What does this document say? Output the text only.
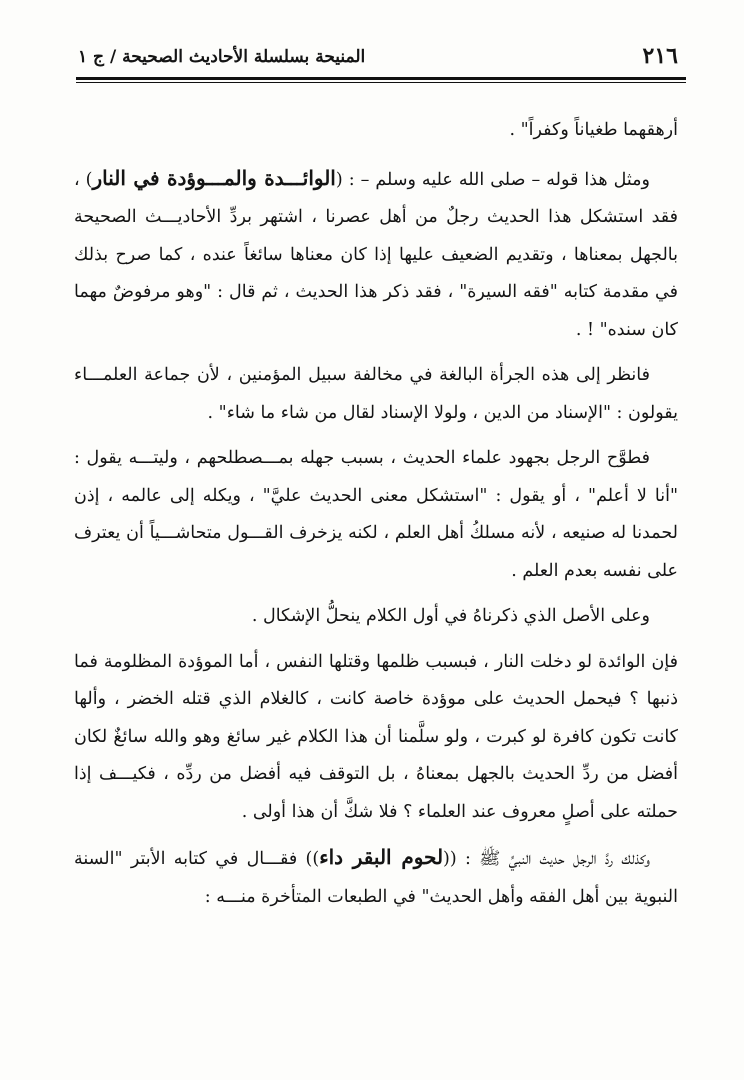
٢١٦
المنيحة بسلسلة الأحاديث الصحيحة / ج ١

أرهقهما طغياناً وكفراً" .

ومثل هذا قوله – صلى الله عليه وسلم – : (الوائـــدة والمـــوؤدة في النار) ، فقد استشكل هذا الحديث رجلٌ من أهل عصرنا ، اشتهر بردِّ الأحاديـــث الصحيحة بالجهل بمعناها ، وتقديم الضعيف عليها إذا كان معناها سائغاً عنده ، كما صرح بذلك في مقدمة كتابه "فقه السيرة" ، فقد ذكر هذا الحديث ، ثم قال : "وهو مرفوضٌ مهما كان سنده" ! .

فانظر إلى هذه الجرأة البالغة في مخالفة سبيل المؤمنين ، لأن جماعة العلمـــاء يقولون : "الإسناد من الدين ، ولولا الإسناد لقال من شاء ما شاء" .

فطوَّح الرجل بجهود علماء الحديث ، بسبب جهله بمـــصطلحهم ، وليتـــه يقول : "أنا لا أعلم" ، أو يقول : "استشكل معنى الحديث عليَّ" ، ويكله إلى عالمه ، إذن لحمدنا له صنيعه ، لأنه مسلكُ أهل العلم ، لكنه يزخرف القـــول متحاشـــياً أن يعترف على نفسه بعدم العلم .

وعلى الأصل الذي ذكرناهُ في أول الكلام ينحلُّ الإشكال .

فإن الوائدة لو دخلت النار ، فبسبب ظلمها وقتلها النفس ، أما الموؤدة المظلومة فما ذنبها ؟ فيحمل الحديث على موؤدة خاصة كانت ، كالغلام الذي قتله الخضر ، وألها كانت تكون كافرة لو كبرت ، ولو سلَّمنا أن هذا الكلام غير سائغ وهو والله سائغٌ لكان أفضل من ردِّ الحديث بالجهل بمعناهُ ، بل التوقف فيه أفضل من ردِّه ، فكيـــف إذا حملته على أصلٍ معروف عند العلماء ؟ فلا شكَّ أن هذا أولى .

وكذلك ردَّ الرجل حديث النبيِّ ﷺ : ((لحوم البقر داء)) فقـــال في كتابه الأبتر "السنة النبوية بين أهل الفقه وأهل الحديث" في الطبعات المتأخرة منـــه :
